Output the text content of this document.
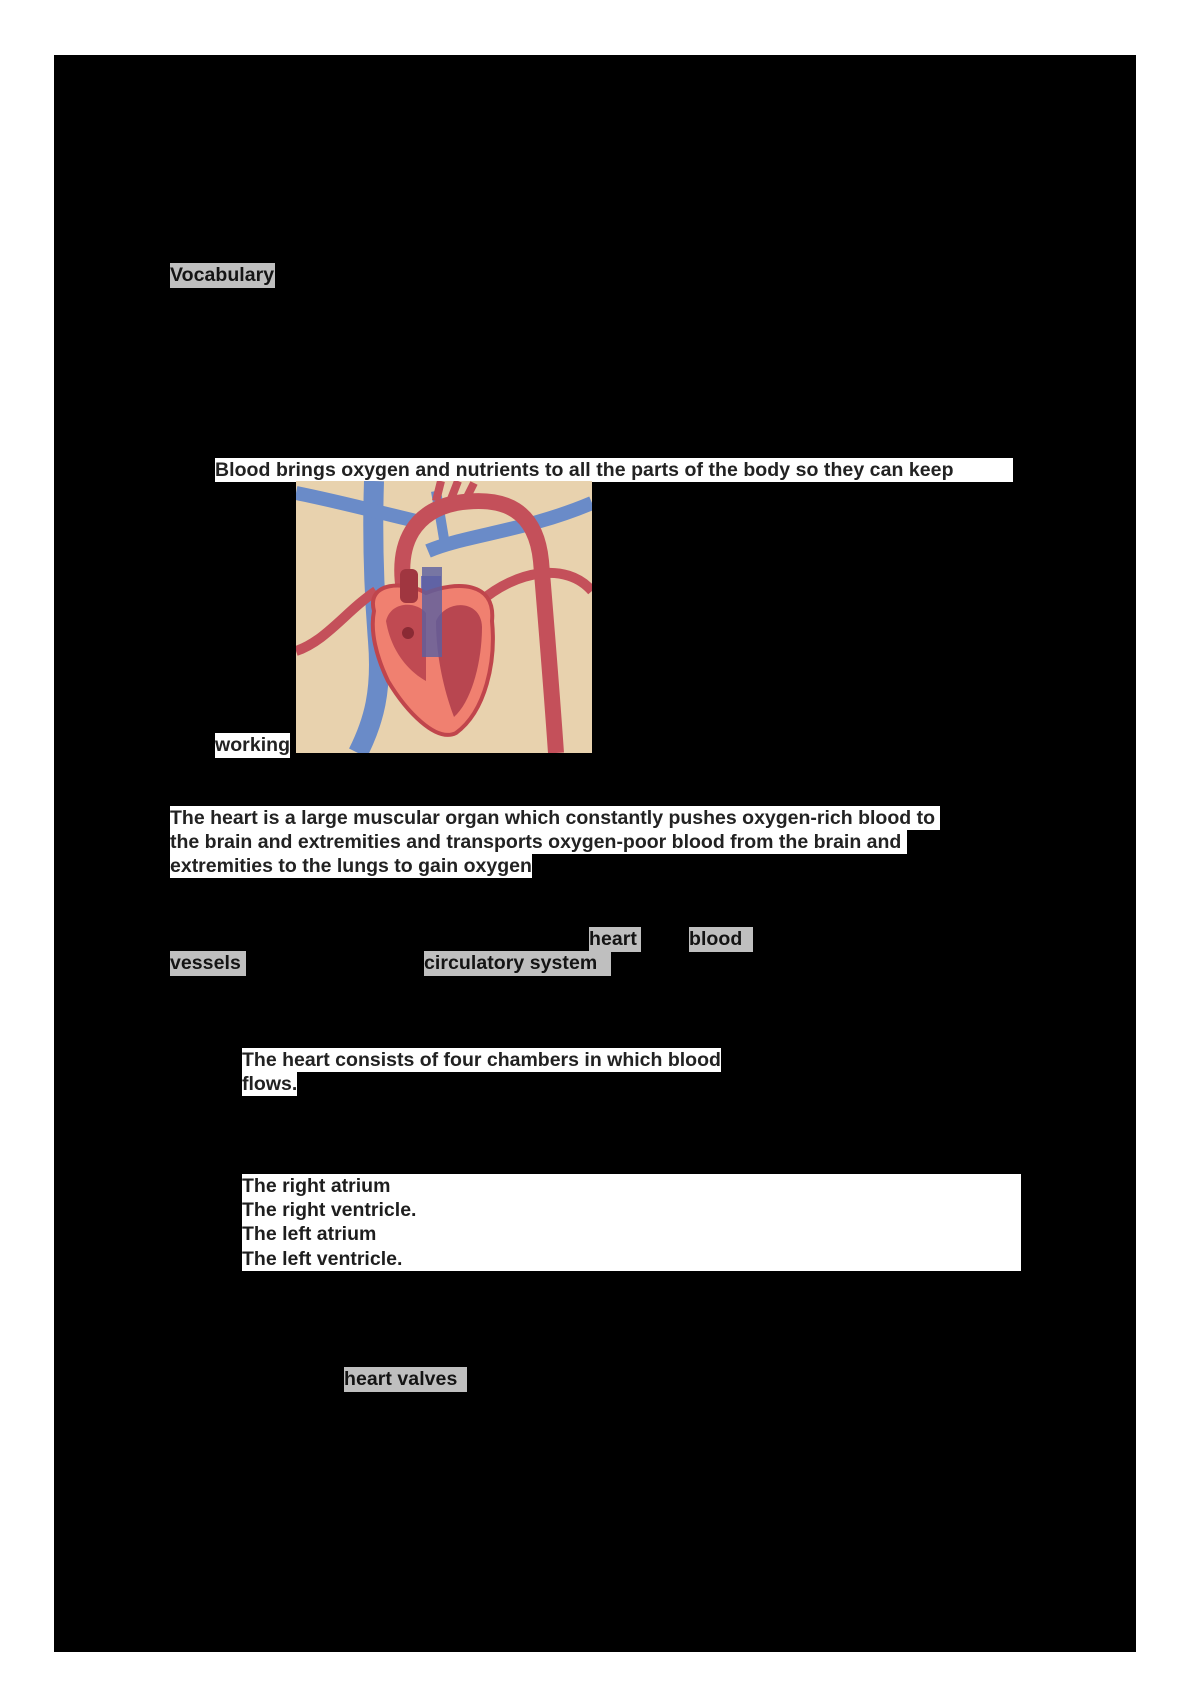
Vocabulary
Blood brings oxygen and nutrients to all the parts of the body so they can keep
working
The heart is a large muscular organ which constantly pushes oxygen-rich blood to
the brain and extremities and transports oxygen-poor blood from the brain and
extremities to the lungs to gain oxygen
heart	blood
vessels	circulatory system
The heart consists of four chambers in which blood
flows.
The right atrium
The right ventricle.
The left atrium
The left ventricle.
heart valves
